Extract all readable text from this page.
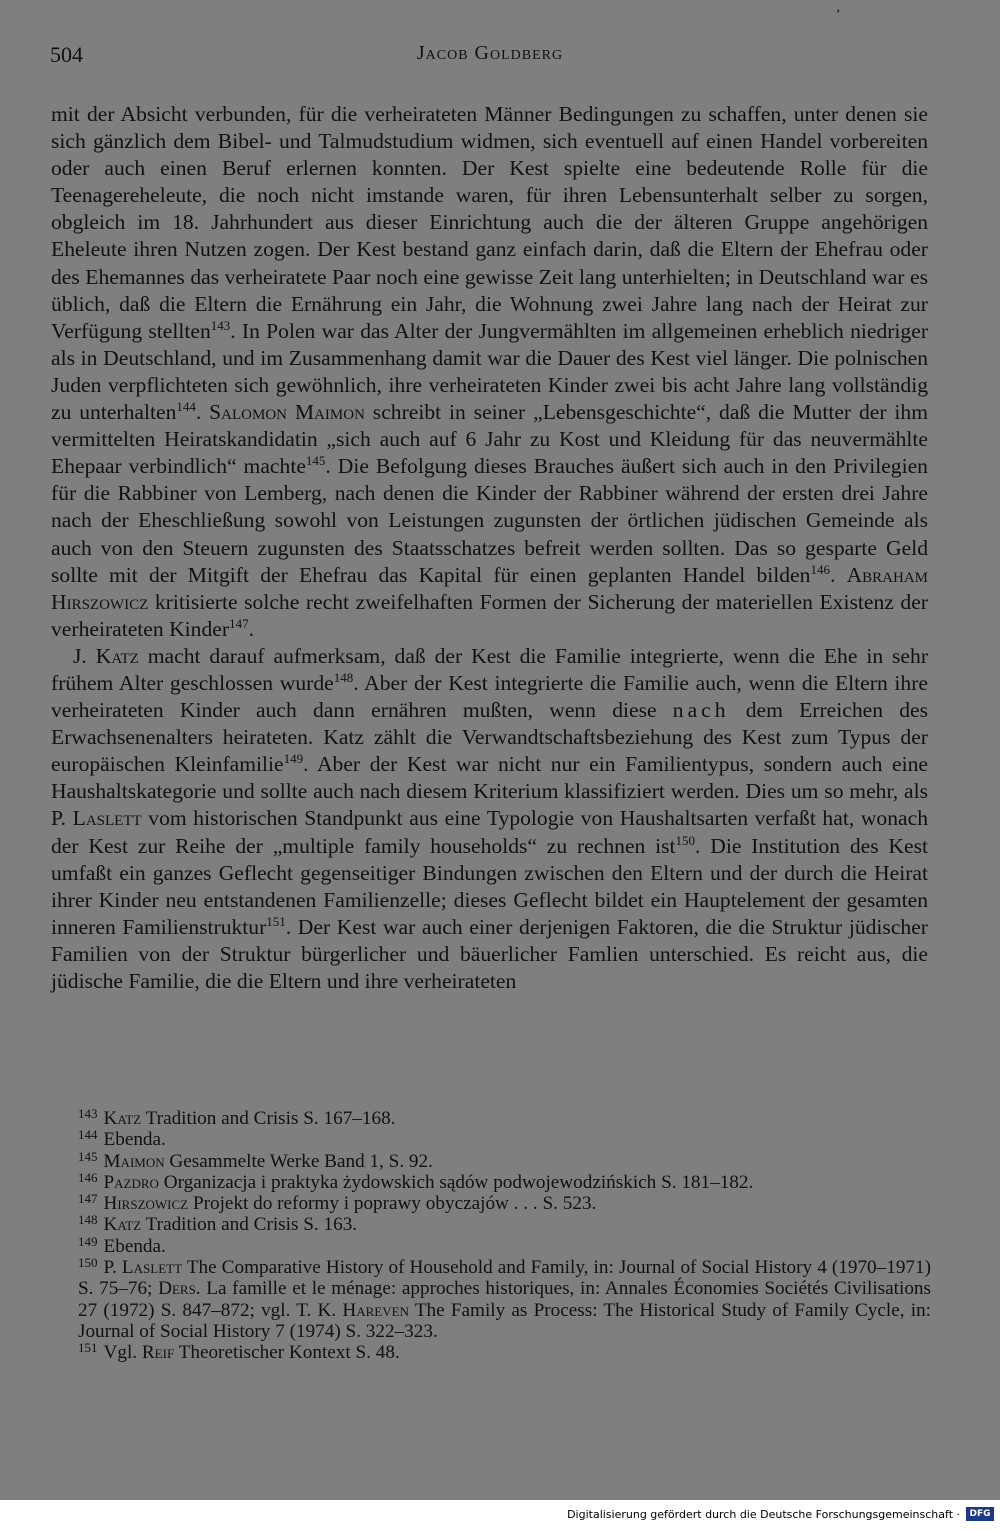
,
504	Jacob Goldberg

mit der Absicht verbunden, für die verheirateten Männer Bedingungen zu schaffen, unter denen sie sich gänzlich dem Bibel- und Talmudstudium widmen, sich eventuell auf einen Handel vorbereiten oder auch einen Beruf erlernen konnten. Der Kest spielte eine bedeutende Rolle für die Teenagereheleute, die noch nicht imstande waren, für ihren Lebensunterhalt selber zu sorgen, obgleich im 18. Jahrhundert aus dieser Einrichtung auch die der älteren Gruppe angehörigen Eheleute ihren Nutzen zogen. Der Kest bestand ganz einfach darin, daß die Eltern der Ehefrau oder des Ehemannes das verheiratete Paar noch eine gewisse Zeit lang unterhielten; in Deutschland war es üblich, daß die Eltern die Ernährung ein Jahr, die Wohnung zwei Jahre lang nach der Heirat zur Verfügung stellten$^{143}$. In Polen war das Alter der Jungvermählten im allgemeinen erheblich niedriger als in Deutschland, und im Zusammenhang damit war die Dauer des Kest viel länger. Die polnischen Juden verpflichteten sich gewöhnlich, ihre verheirateten Kinder zwei bis acht Jahre lang vollständig zu unterhalten$^{144}$. Salomon Maimon schreibt in seiner „Lebensgeschichte“, daß die Mutter der ihm vermittelten Heiratskandidatin „sich auch auf 6 Jahr zu Kost und Kleidung für das neuvermählte Ehepaar verbindlich“ machte$^{145}$. Die Befolgung dieses Brauches äußert sich auch in den Privilegien für die Rabbiner von Lemberg, nach denen die Kinder der Rabbiner während der ersten drei Jahre nach der Eheschließung sowohl von Leistungen zugunsten der örtlichen jüdischen Gemeinde als auch von den Steuern zugunsten des Staatsschatzes befreit werden sollten. Das so gesparte Geld sollte mit der Mitgift der Ehefrau das Kapital für einen geplanten Handel bilden$^{146}$. Abraham Hirszowicz kritisierte solche recht zweifelhaften Formen der Sicherung der materiellen Existenz der verheirateten Kinder$^{147}$.

J. Katz macht darauf aufmerksam, daß der Kest die Familie integrierte, wenn die Ehe in sehr frühem Alter geschlossen wurde$^{148}$. Aber der Kest integrierte die Familie auch, wenn die Eltern ihre verheirateten Kinder auch dann ernähren mußten, wenn diese nach dem Erreichen des Erwachsenenalters heirateten. Katz zählt die Verwandtschaftsbeziehung des Kest zum Typus der europäischen Kleinfamilie$^{149}$. Aber der Kest war nicht nur ein Familientypus, sondern auch eine Haushaltskategorie und sollte auch nach diesem Kriterium klassifiziert werden. Dies um so mehr, als P. Laslett vom historischen Standpunkt aus eine Typologie von Haushaltsarten verfaßt hat, wonach der Kest zur Reihe der „multiple family households“ zu rechnen ist$^{150}$. Die Institution des Kest umfaßt ein ganzes Geflecht gegenseitiger Bindungen zwischen den Eltern und der durch die Heirat ihrer Kinder neu entstandenen Familienzelle; dieses Geflecht bildet ein Hauptelement der gesamten inneren Familienstruktur$^{151}$. Der Kest war auch einer derjenigen Faktoren, die die Struktur jüdischer Familien von der Struktur bürgerlicher und bäuerlicher Famlien unterschied. Es reicht aus, die jüdische Familie, die die Eltern und ihre verheirateten

$^{143}$ Katz Tradition and Crisis S. 167–168.
$^{144}$ Ebenda.
$^{145}$ Maimon Gesammelte Werke Band 1, S. 92.
$^{146}$ Pazdro Organizacja i praktyka żydowskich sądów podwojewodzińskich S. 181–182.
$^{147}$ Hirszowicz Projekt do reformy i poprawy obyczajów . . . S. 523.
$^{148}$ Katz Tradition and Crisis S. 163.
$^{149}$ Ebenda.
$^{150}$ P. Laslett The Comparative History of Household and Family, in: Journal of Social History 4 (1970–1971) S. 75–76; Ders. La famille et le ménage: approches historiques, in: Annales Économies Sociétés Civilisations 27 (1972) S. 847–872; vgl. T. K. Hareven The Family as Process: The Historical Study of Family Cycle, in: Journal of Social History 7 (1974) S. 322–323.
$^{151}$ Vgl. Reif Theoretischer Kontext S. 48.
Digitalisierung gefördert durch die Deutsche Forschungsgemeinschaft ·	DFG
